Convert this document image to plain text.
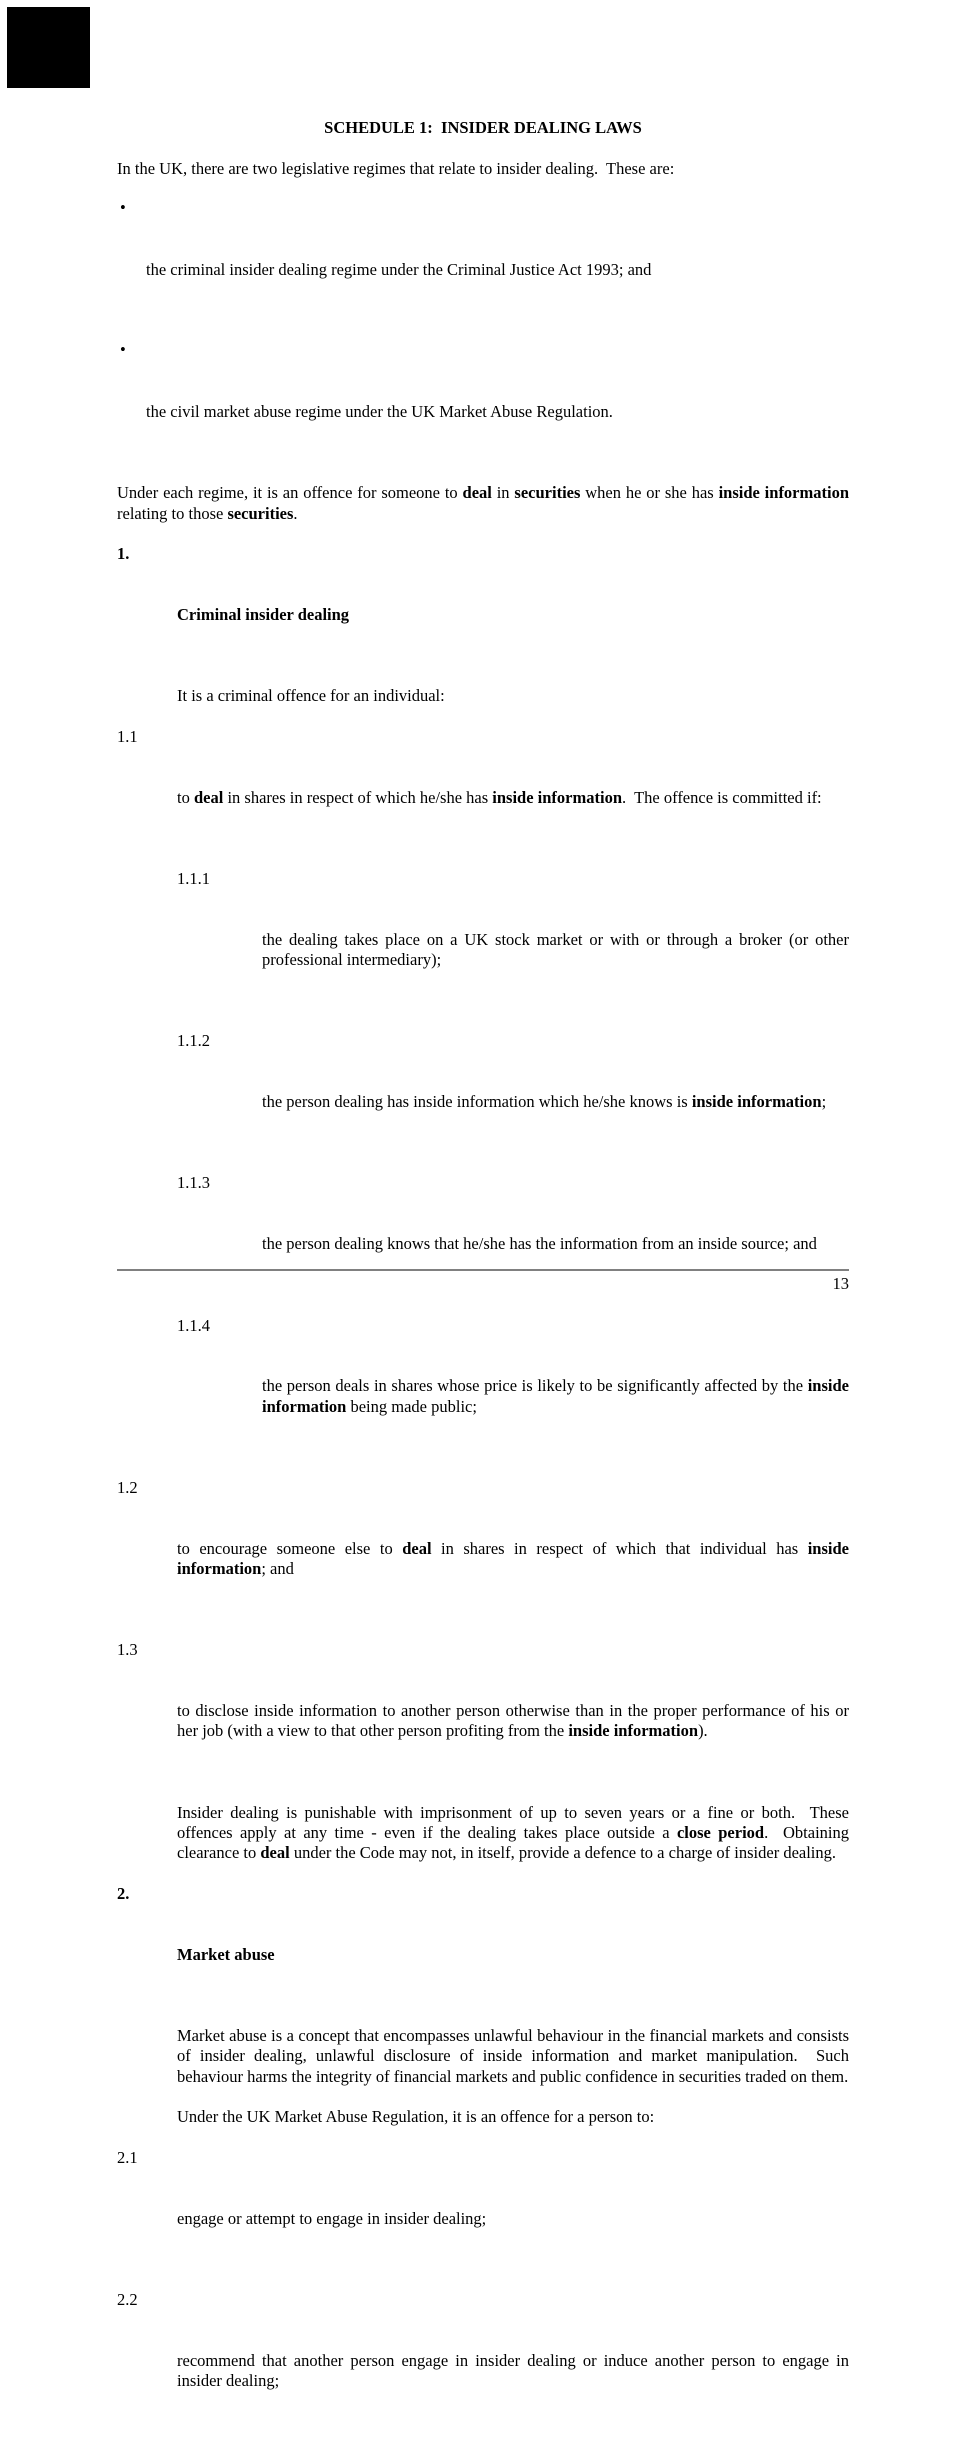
SCHEDULE 1:  INSIDER DEALING LAWS

In the UK, there are two legislative regimes that relate to insider dealing.  These are:

•

the criminal insider dealing regime under the Criminal Justice Act 1993; and

•

the civil market abuse regime under the UK Market Abuse Regulation.

Under each regime, it is an offence for someone to deal in securities when he or she has inside information relating to those securities.

1.

Criminal insider dealing

It is a criminal offence for an individual:

1.1

to deal in shares in respect of which he/she has inside information.  The offence is committed if:

1.1.1

the dealing takes place on a UK stock market or with or through a broker (or other professional intermediary);

1.1.2

the person dealing has inside information which he/she knows is inside information;

1.1.3

the person dealing knows that he/she has the information from an inside source; and

1.1.4

the person deals in shares whose price is likely to be significantly affected by the inside information being made public;

1.2

to encourage someone else to deal in shares in respect of which that individual has inside information; and

1.3

to disclose inside information to another person otherwise than in the proper performance of his or her job (with a view to that other person profiting from the inside information).

Insider dealing is punishable with imprisonment of up to seven years or a fine or both.  These offences apply at any time - even if the dealing takes place outside a close period.  Obtaining clearance to deal under the Code may not, in itself, provide a defence to a charge of insider dealing.

2.

Market abuse

Market abuse is a concept that encompasses unlawful behaviour in the financial markets and consists of insider dealing, unlawful disclosure of inside information and market manipulation.  Such behaviour harms the integrity of financial markets and public confidence in securities traded on them.

Under the UK Market Abuse Regulation, it is an offence for a person to:

2.1

engage or attempt to engage in insider dealing;

2.2

recommend that another person engage in insider dealing or induce another person to engage in insider dealing;

13
